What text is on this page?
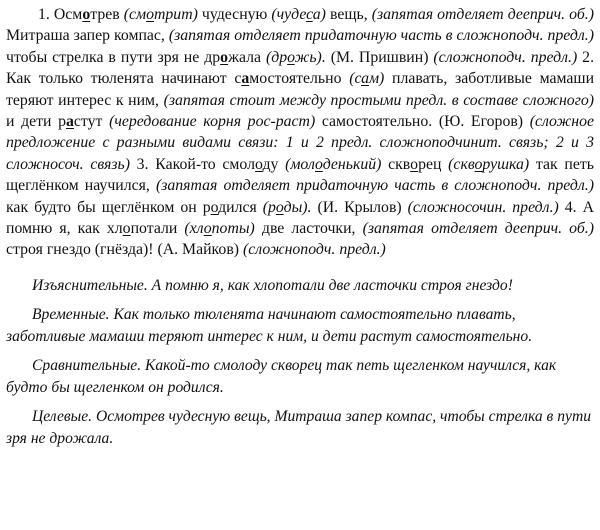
1. Осмотрев (смотрит) чудесную (чудеса) вещь, (запятая отделяет дееприч. об.) Митраша запер компас, (запятая отделяет придаточную часть в сложноподч. предл.) чтобы стрелка в пути зря не дрожала (дрожь). (М. Пришвин) (сложноподч. предл.) 2. Как только тюленята начинают самостоятельно (сам) плавать, заботливые мамаши теряют интерес к ним, (запятая стоит между простыми предл. в составе сложного) и дети растут (чередование корня рос-раст) самостоятельно. (Ю. Егоров) (сложное предложение с разными видами связи: 1 и 2 предл. сложноподчинит. связь; 2 и 3 сложносоч. связь) 3. Какой-то смолоду (молоденький) скворец (скворушка) так петь щеглёнком научился, (запятая отделяет придаточную часть в сложноподч. предл.) как будто бы щеглёнком он родился (роды). (И. Крылов) (сложносочин. предл.) 4. А помню я, как хлопотали (хлопоты) две ласточки, (запятая отделяет дееприч. об.) строя гнездо (гнёзда)! (А. Майков) (сложноподч. предл.)

Изъяснительные. А помню я, как хлопотали две ласточки строя гнездо!

Временные. Как только тюленята начинают самостоятельно плавать, заботливые мамаши теряют интерес к ним, и дети растут самостоятельно.

Сравнительные. Какой-то смолоду скворец так петь щегленком научился, как будто бы щегленком он родился.

Целевые. Осмотрев чудесную вещь, Митраша запер компас, чтобы стрелка в пути зря не дрожала.
